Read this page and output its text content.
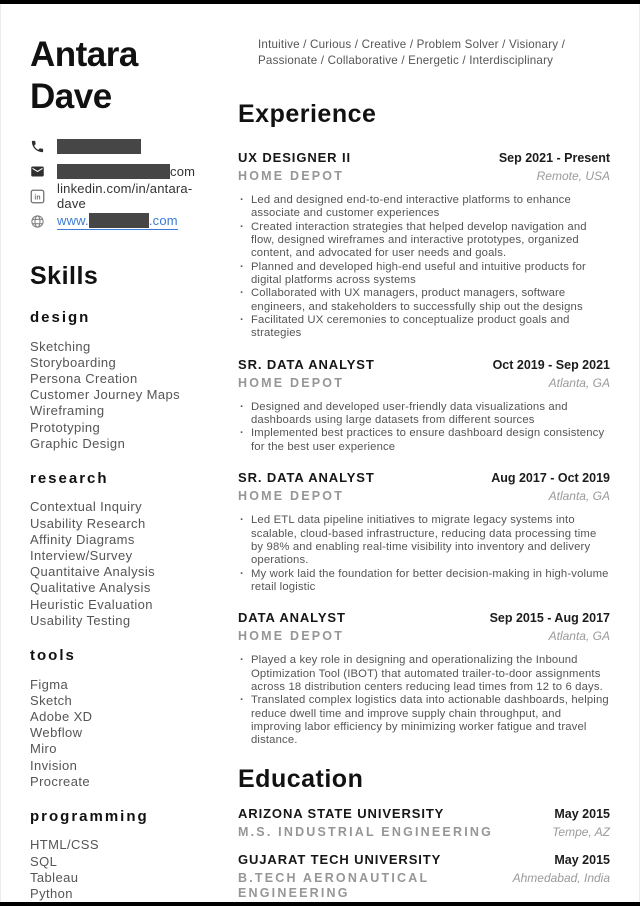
Antara Dave
com
in
linkedin.com/in/antara-dave
www.	.com
Skills
design
Sketching
Storyboarding
Persona Creation
Customer Journey Maps
Wireframing
Prototyping
Graphic Design
research
Contextual Inquiry
Usability Research
Affinity Diagrams
Interview/Survey
Quantitaive Analysis
Qualitative Analysis
Heuristic Evaluation
Usability Testing
tools
Figma
Sketch
Adobe XD
Webflow
Miro
Invision
Procreate
programming
HTML/CSS
SQL
Tableau
Python
Intuitive / Curious / Creative / Problem Solver / Visionary / Passionate / Collaborative / Energetic / Interdisciplinary
Experience
UX DESIGNER II
HOME DEPOT
Sep 2021 - Present
Remote, USA
· Led and designed end-to-end interactive platforms to enhance associate and customer experiences
· Created interaction strategies that helped develop navigation and flow, designed wireframes and interactive prototypes, organized content, and advocated for user needs and goals.
· Planned and developed high-end useful and intuitive products for digital platforms across systems
· Collaborated with UX managers, product managers, software engineers, and stakeholders to successfully ship out the designs
· Facilitated UX ceremonies to conceptualize product goals and strategies
SR. DATA ANALYST
HOME DEPOT
Oct 2019 - Sep 2021
Atlanta, GA
· Designed and developed user-friendly data visualizations and dashboards using large datasets from different sources
· Implemented best practices to ensure dashboard design consistency for the best user experience
SR. DATA ANALYST
HOME DEPOT
Aug 2017 - Oct 2019
Atlanta, GA
· Led ETL data pipeline initiatives to migrate legacy systems into scalable, cloud-based infrastructure, reducing data processing time by 98% and enabling real-time visibility into inventory and delivery operations.
· My work laid the foundation for better decision-making in high-volume retail logistic
DATA ANALYST
HOME DEPOT
Sep 2015 - Aug 2017
Atlanta, GA
· Played a key role in designing and operationalizing the Inbound Optimization Tool (IBOT) that automated trailer-to-door assignments across 18 distribution centers reducing lead times from 12 to 6 days.
· Translated complex logistics data into actionable dashboards, helping reduce dwell time and improve supply chain throughput, and improving labor efficiency by minimizing worker fatigue and travel distance.
Education
ARIZONA STATE UNIVERSITY
M.S. INDUSTRIAL ENGINEERING
May 2015
Tempe, AZ
GUJARAT TECH UNIVERSITY
B.TECH AERONAUTICAL ENGINEERING
May 2015
Ahmedabad, India
